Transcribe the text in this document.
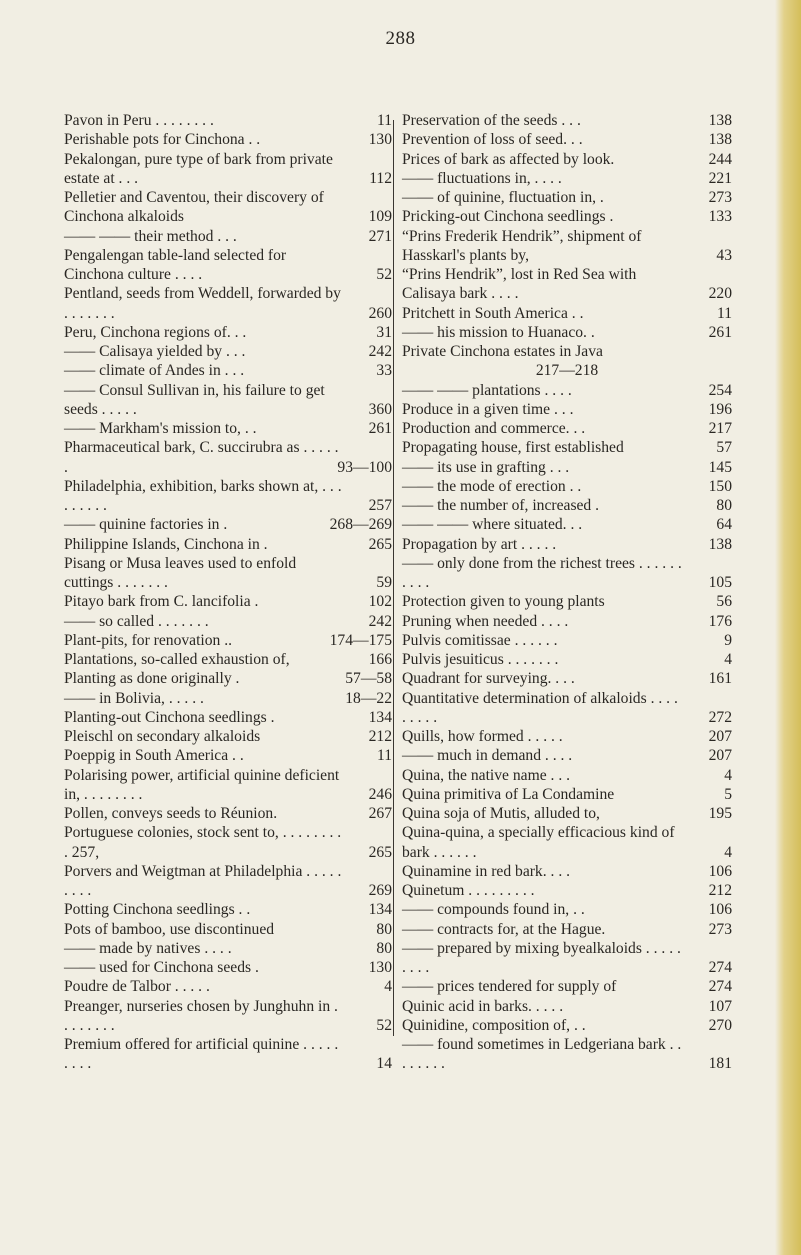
288
Pavon in Peru . . . . . . . .	11
Perishable pots for Cinchona . .	130
Pekalongan, pure type of bark from private estate at . . .	112
Pelletier and Caventou, their discovery of Cinchona alkaloids	109
—— —— their method . . .	271
Pengalengan table-land selected for Cinchona culture . . . .	52
Pentland, seeds from Weddell, forwarded by . . . . . . .	260
Peru, Cinchona regions of. . .	31
—— Calisaya yielded by . . .	242
—— climate of Andes in . . .	33
—— Consul Sullivan in, his failure to get seeds . . . . .	360
—— Markham's mission to, . .	261
Pharmaceutical bark, C. succirubra as . . . . . .	93—100
Philadelphia, exhibition, barks shown at, . . . . . . . . .	257
—— quinine factories in .	268—269
Philippine Islands, Cinchona in .	265
Pisang or Musa leaves used to enfold cuttings . . . . . . .	59
Pitayo bark from C. lancifolia .	102
—— so called . . . . . . .	242
Plant-pits, for renovation ..	174—175
Plantations, so-called exhaustion of,	166
Planting as done originally .	57—58
—— in Bolivia, . . . . .	18—22
Planting-out Cinchona seedlings .	134
Pleischl on secondary alkaloids	212
Poeppig in South America . .	11
Polarising power, artificial quinine deficient in, . . . . . . . .	246
Pollen, conveys seeds to Réunion.	267
Portuguese colonies, stock sent to, . . . . . . . . . 257,	265
Porvers and Weigtman at Philadelphia . . . . . . . . .	269
Potting Cinchona seedlings . .	134
Pots of bamboo, use discontinued	80
—— made by natives . . . .	80
—— used for Cinchona seeds .	130
Poudre de Talbor . . . . .	4
Preanger, nurseries chosen by Junghuhn in . . . . . . . .	52
Premium offered for artificial quinine . . . . . . . . .	14
Preservation of the seeds . . .	138
Prevention of loss of seed. . .	138
Prices of bark as affected by look.	244
—— fluctuations in, . . . .	221
—— of quinine, fluctuation in, .	273
Pricking-out Cinchona seedlings .	133
“Prins Frederik Hendrik”, shipment of Hasskarl's plants by,	43
“Prins Hendrik”, lost in Red Sea with Calisaya bark . . . .	220
Pritchett in South America . .	11
—— his mission to Huanaco. .	261
Private Cinchona estates in Java
217—218
—— —— plantations . . . .	254
Produce in a given time . . .	196
Production and commerce. . .	217
Propagating house, first established	57
—— its use in grafting . . .	145
—— the mode of erection . .	150
—— the number of, increased .	80
—— —— where situated. . .	64
Propagation by art . . . . .	138
—— only done from the richest trees . . . . . . . . . .	105
Protection given to young plants	56
Pruning when needed . . . .	176
Pulvis comitissae . . . . . .	9
Pulvis jesuiticus . . . . . . .	4
Quadrant for surveying. . . .	161
Quantitative determination of alkaloids . . . . . . . . .	272
Quills, how formed . . . . .	207
—— much in demand . . . .	207
Quina, the native name . . .	4
Quina primitiva of La Condamine	5
Quina soja of Mutis, alluded to,	195
Quina-quina, a specially efficacious kind of bark . . . . . .	4
Quinamine in red bark. . . .	106
Quinetum . . . . . . . . .	212
—— compounds found in, . .	106
—— contracts for, at the Hague.	273
—— prepared by mixing byealkaloids . . . . . . . . .	274
—— prices tendered for supply of	274
Quinic acid in barks. . . . .	107
Quinidine, composition of, . .	270
—— found sometimes in Ledgeriana bark . . . . . . . .	181
